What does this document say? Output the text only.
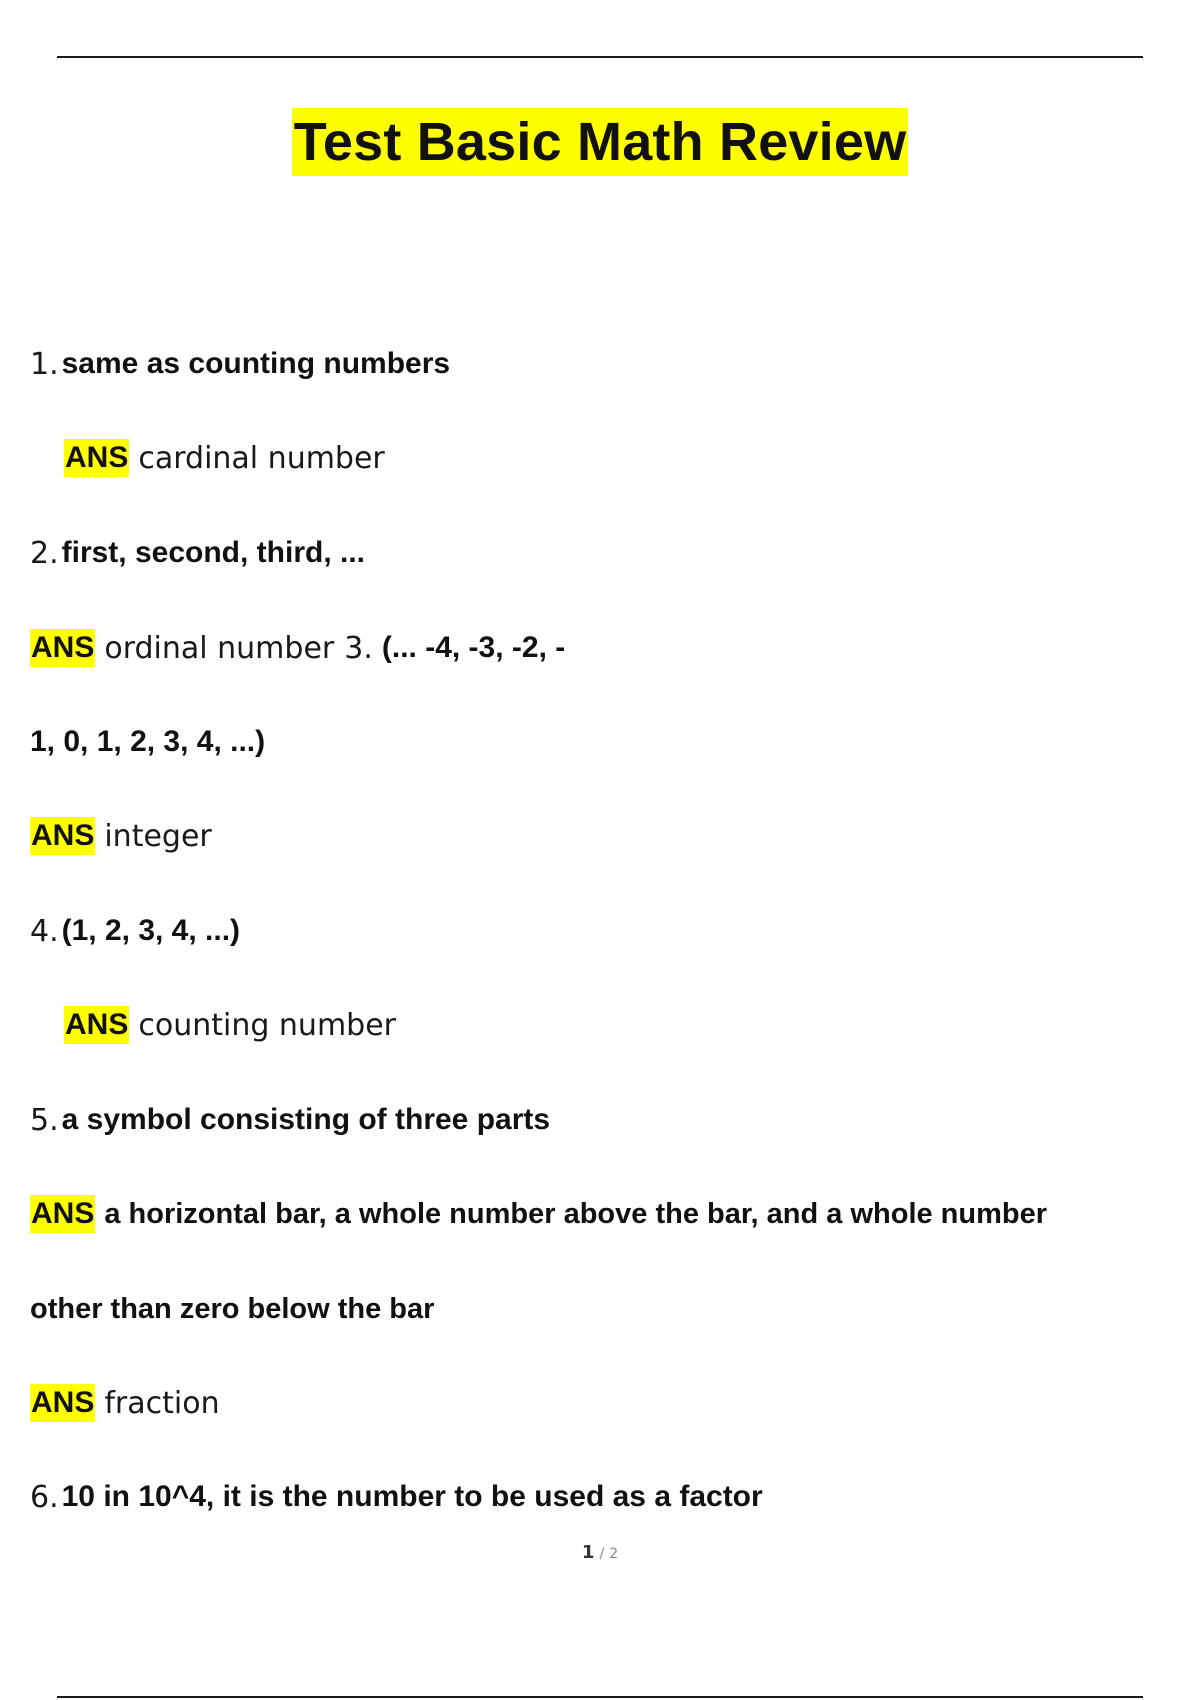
Test Basic Math Review
1. same as counting numbers
ANS cardinal number
2. first, second, third, ...
ANS ordinal number 3. (... -4, -3, -2, -
1, 0, 1, 2, 3, 4, ...)
ANS integer
4. (1, 2, 3, 4, ...)
ANS counting number
5. a symbol consisting of three parts
ANS a horizontal bar, a whole number above the bar, and a whole number
other than zero below the bar
ANS fraction
6. 10 in 10^4, it is the number to be used as a factor
1 / 2
